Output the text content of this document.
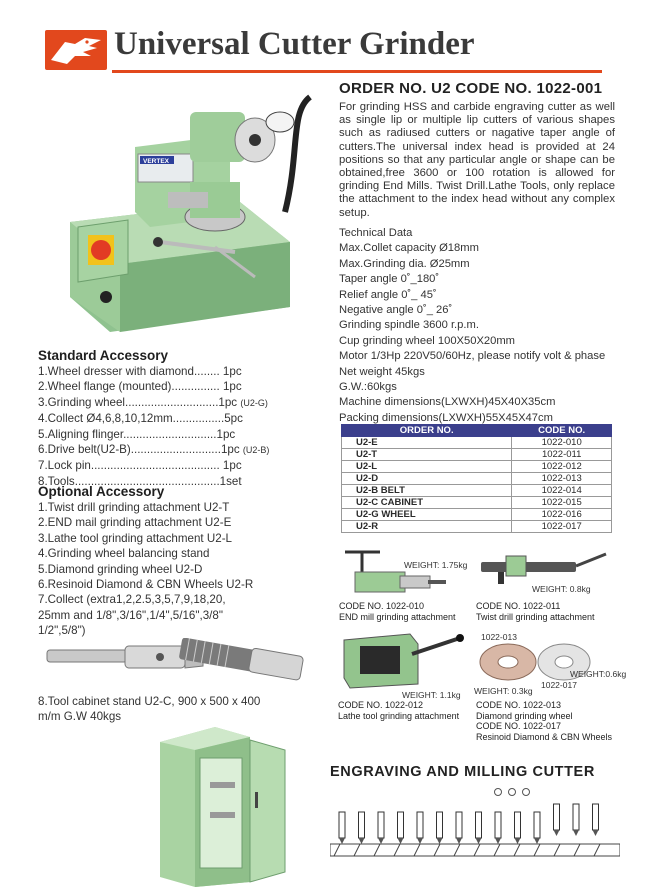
Universal Cutter Grinder
VERTEX
ORDER NO. U2 CODE NO. 1022-001
For grinding HSS and carbide engraving cutter as well as single lip or multiple lip cutters of various shapes such as radiused cutters or nagative taper angle of cutters.The universal index head is provided at 24 positions so that any particular angle or shape can be obtained,free 3600 or 100 rotation is allowed for grinding End Mills. Twist Drill.Lathe Tools, only replace the attachment to the index head without any complex setup.
Technical Data
Max.Collet capacity Ø18mm
Max.Grinding dia. Ø25mm
Taper angle 0˚_180˚
Relief angle 0˚_ 45˚
Negative angle 0˚_ 26˚
Grinding spindle 3600 r.p.m.
Cup grinding wheel 100X50X20mm
Motor 1/3Hp 220V50/60Hz, please notify volt & phase
Net weight 45kgs
G.W.:60kgs
Machine dimensions(LXWXH)45X40X35cm
Packing dimensions(LXWXH)55X45X47cm
ORDER NO.	CODE NO.
U2-E	1022-010
U2-T	1022-011
U2-L	1022-012
U2-D	1022-013
U2-B BELT	1022-014
U2-C CABINET	1022-015
U2-G WHEEL	1022-016
U2-R	1022-017
Standard Accessory
1.Wheel dresser with diamond........ 1pc
2.Wheel flange (mounted)............... 1pc
3.Grinding wheel.............................1pc (U2-G)
4.Collect Ø4,6,8,10,12mm................5pc
5.Aligning flinger.............................1pc
6.Drive belt(U2-B)............................1pc (U2-B)
7.Lock pin........................................ 1pc
8.Tools.............................................1set
Optional Accessory
1.Twist drill grinding attachment U2-T
2.END mail grinding attachment U2-E
3.Lathe tool grinding attachment U2-L
4.Grinding wheel balancing stand
5.Diamond grinding wheel U2-D
6.Resinoid Diamond & CBN Wheels U2-R
7.Collect (extra1,2,2.5,3,5,7,9,18,20,
25mm and 1/8",3/16",1/4",5/16",3/8"
1/2",5/8")
8.Tool cabinet stand U2-C, 900 x 500 x 400
m/m G.W 40kgs
WEIGHT: 1.75kg
CODE NO. 1022-010
END mill grinding attachment
WEIGHT: 0.8kg
CODE NO. 1022-011
Twist drill grinding attachment
WEIGHT: 1.1kg
CODE NO. 1022-012
Lathe tool grinding attachment
1022-013
WEIGHT:0.6kg
1022-017
WEIGHT: 0.3kg
CODE NO. 1022-013
Diamond grinding wheel
CODE NO. 1022-017
Resinoid Diamond & CBN Wheels
ENGRAVING AND MILLING CUTTER
